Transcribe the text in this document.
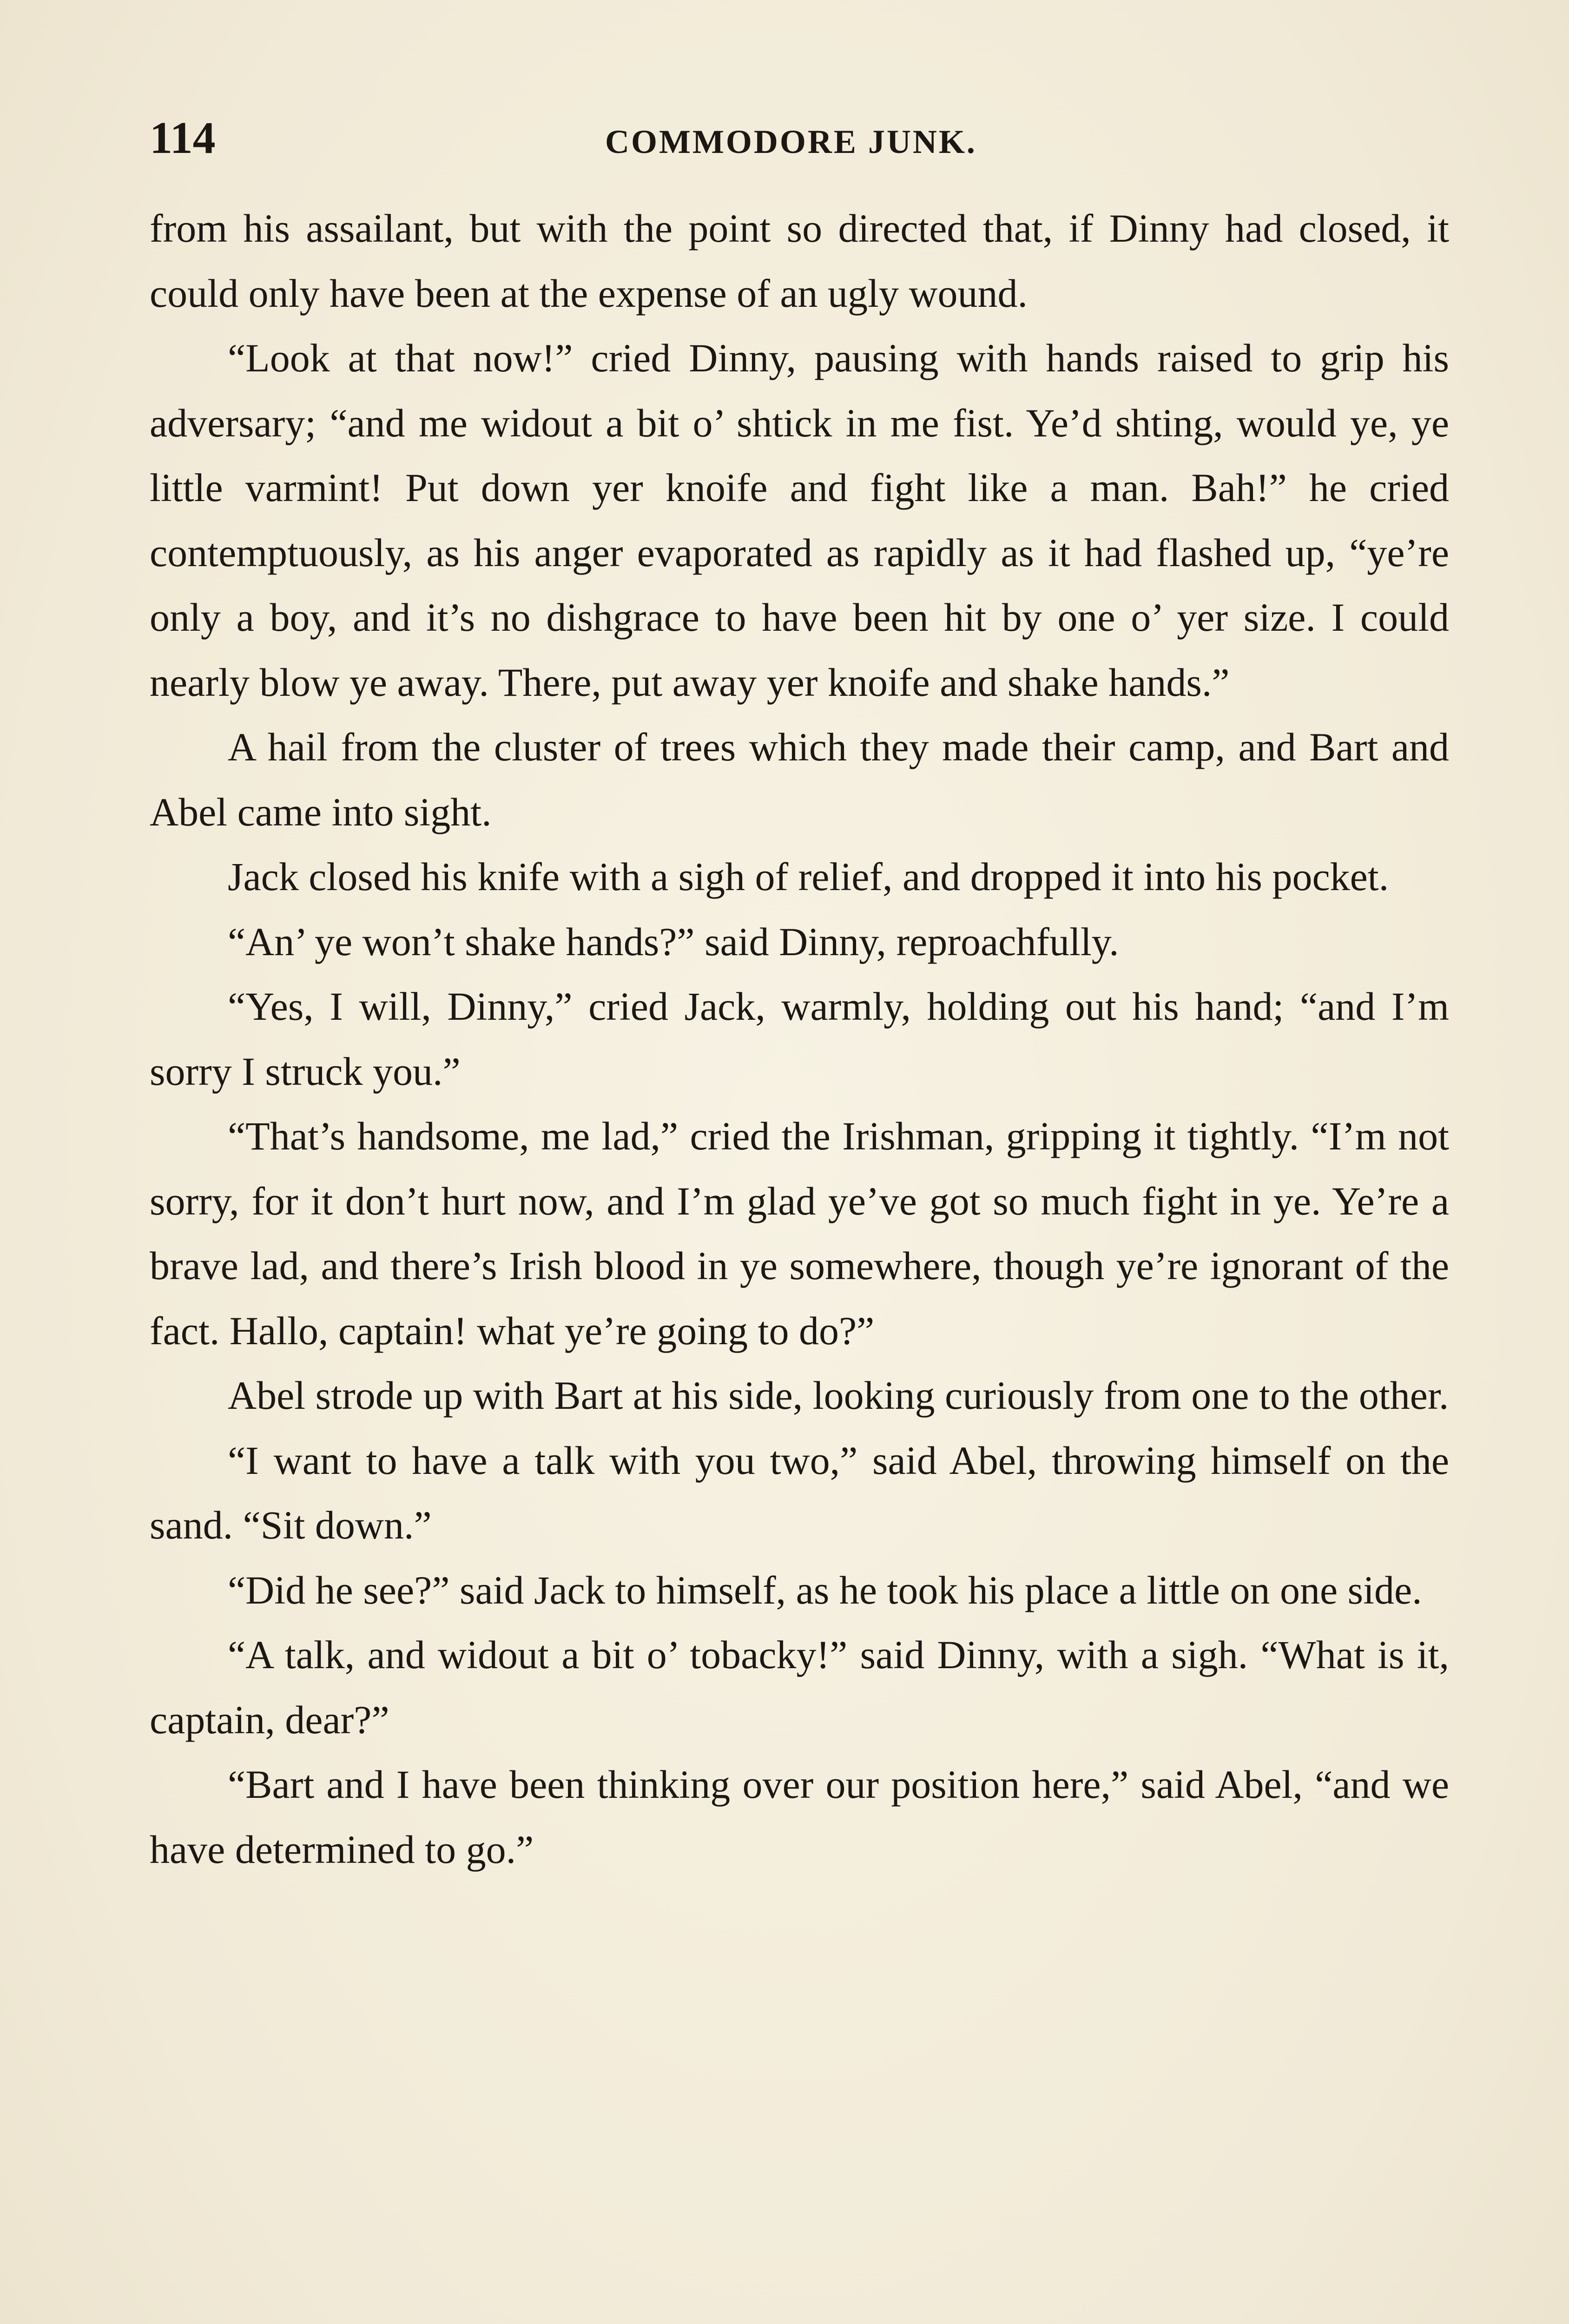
114	COMMODORE JUNK.

from his assailant, but with the point so directed that, if Dinny had closed, it could only have been at the expense of an ugly wound.

“Look at that now!” cried Dinny, pausing with hands raised to grip his adversary; “and me widout a bit o’ shtick in me fist. Ye’d shting, would ye, ye little varmint! Put down yer knoife and fight like a man. Bah!” he cried contemptuously, as his anger evaporated as rapidly as it had flashed up, “ye’re only a boy, and it’s no dishgrace to have been hit by one o’ yer size. I could nearly blow ye away. There, put away yer knoife and shake hands.”

A hail from the cluster of trees which they made their camp, and Bart and Abel came into sight.

Jack closed his knife with a sigh of relief, and dropped it into his pocket.

“An’ ye won’t shake hands?” said Dinny, reproachfully.

“Yes, I will, Dinny,” cried Jack, warmly, holding out his hand; “and I’m sorry I struck you.”

“That’s handsome, me lad,” cried the Irishman, gripping it tightly. “I’m not sorry, for it don’t hurt now, and I’m glad ye’ve got so much fight in ye. Ye’re a brave lad, and there’s Irish blood in ye somewhere, though ye’re ignorant of the fact. Hallo, captain! what ye’re going to do?”

Abel strode up with Bart at his side, looking curiously from one to the other.

“I want to have a talk with you two,” said Abel, throwing himself on the sand. “Sit down.”

“Did he see?” said Jack to himself, as he took his place a little on one side.

“A talk, and widout a bit o’ tobacky!” said Dinny, with a sigh. “What is it, captain, dear?”

“Bart and I have been thinking over our position here,” said Abel, “and we have determined to go.”
